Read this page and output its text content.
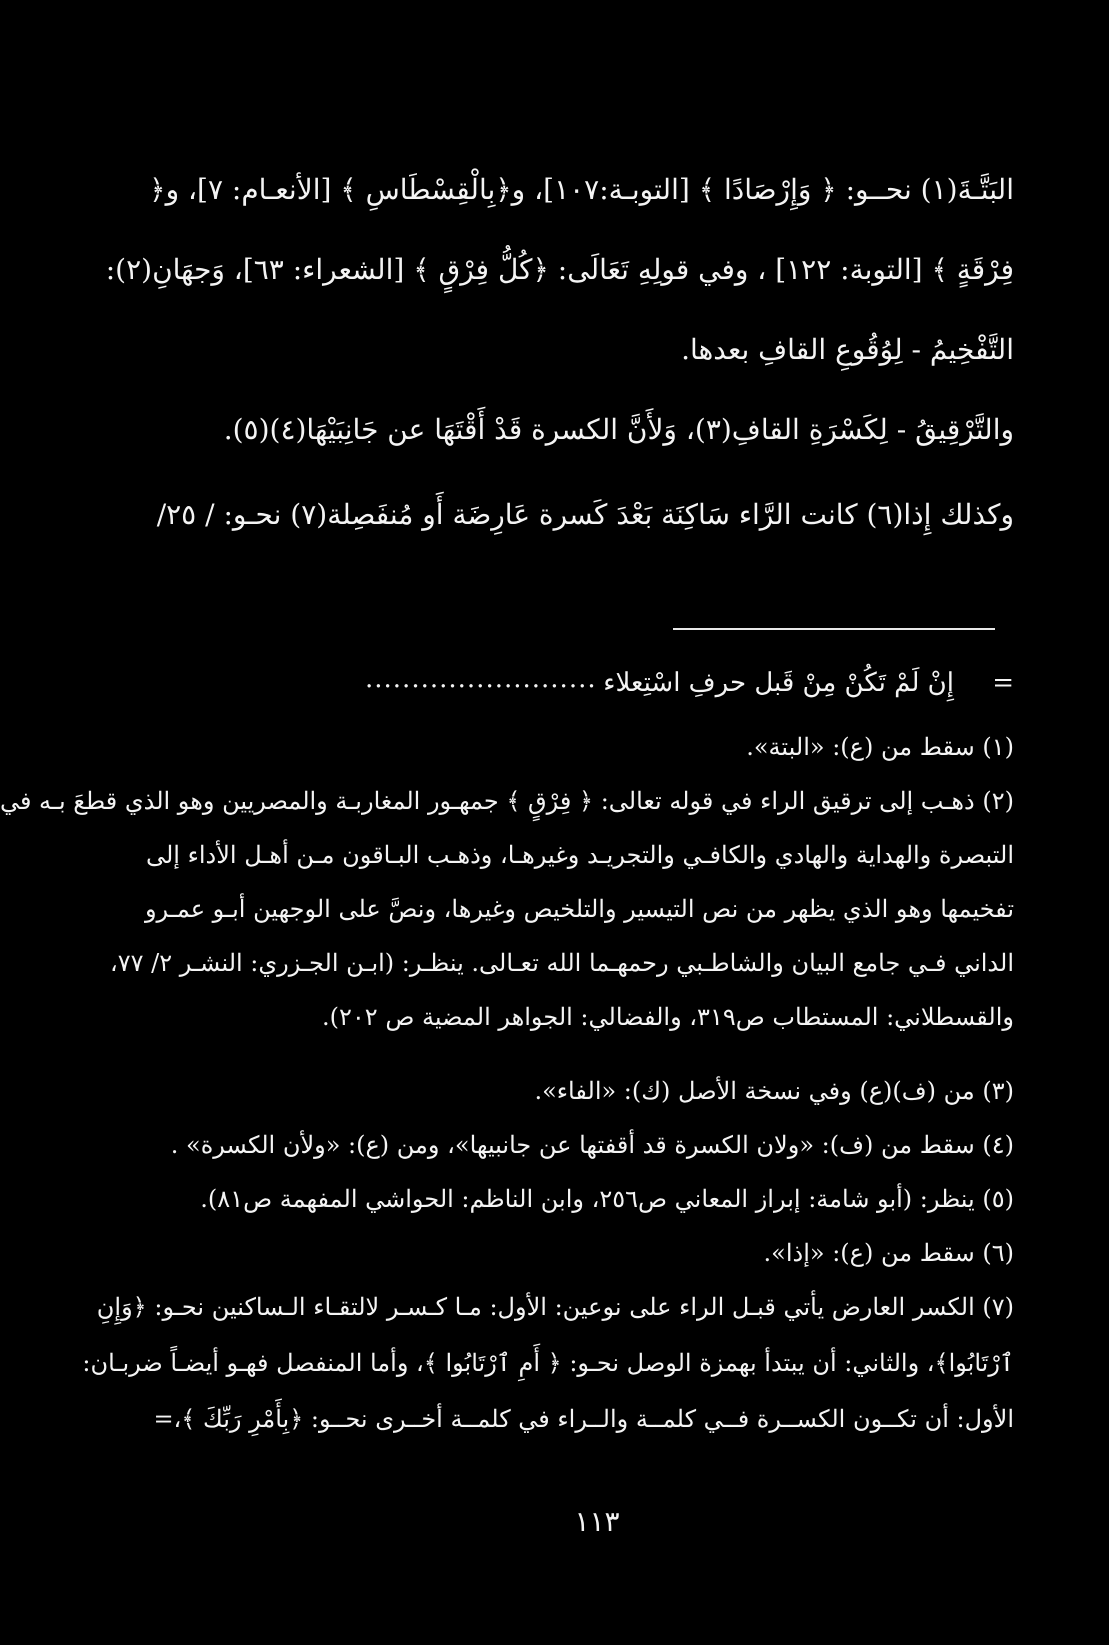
البَتَّـةَ(١) نحــو: ﴿ وَإِرْصَادًا ﴾ [التوبـة:١٠٧]، و﴿بِالْقِسْطَاسِ ﴾ [الأنعـام: ٧]، و﴿
فِرْقَةٍ ﴾ [التوبة: ١٢٢] ، وفي قولِهِ تَعَالَى: ﴿كُلُّ فِرْقٍ ﴾ [الشعراء: ٦٣]، وَجهَانِ(٢):
التَّفْخِيمُ - لِوُقُوعِ القافِ بعدها.
والتَّرْقِيقُ - لِكَسْرَةِ القافِ(٣)، وَلأَنَّ الكسرة قَدْ أَقْتَهَا عن جَانِبَيْهَا(٤)(٥).
وكذلك إِذا(٦) كانت الرَّاء سَاكِنَة بَعْدَ كَسرة عَارِضَة أَو مُنفَصِلة(٧) نحـو: / ٢٥/
=
إِنْ لَمْ تَكُنْ مِنْ قَبل حرفِ اسْتِعلاء
.........................
(١) سقط من (ع): «البتة».
(٢) ذهـب إلى ترقيق الراء في قوله تعالى: ﴿ فِرْقٍ ﴾ جمهـور المغاربـة والمصريين وهو الذي قطعَ بـه في
التبصرة والهداية والهادي والكافـي والتجريـد وغيرهـا، وذهـب البـاقون مـن أهـل الأداء إلى
تفخيمها وهو الذي يظهر من نص التيسير والتلخيص وغيرها، ونصَّ على الوجهين أبـو عمـرو
الداني فـي جامع البيان والشاطـبي رحمهـما الله تعـالى. ينظـر: (ابـن الجـزري: النشـر ٢/ ٧٧،
والقسطلاني: المستطاب ص٣١٩، والفضالي: الجواهر المضية ص ٢٠٢).
(٣) من (ف)(ع) وفي نسخة الأصل (ك): «الفاء».
(٤) سقط من (ف): «ولان الكسرة قد أقفتها عن جانبيها»، ومن (ع): «ولأن الكسرة» .
(٥) ينظر: (أبو شامة: إبراز المعاني ص٢٥٦، وابن الناظم: الحواشي المفهمة ص٨١).
(٦) سقط من (ع): «إذا».
(٧) الكسر العارض يأتي قبـل الراء على نوعين: الأول: مـا كـسـر لالتقـاء الـساكنين نحـو: ﴿وَإِنِ
ٱرْتَابُوا﴾، والثاني: أن يبتدأ بهمزة الوصل نحـو: ﴿ أَمِ ٱرْتَابُوا ﴾، وأما المنفصل فهـو أيضـاً ضربـان:
الأول: أن تكــون الكســرة فــي كلمــة والــراء في كلمــة أخــرى نحــو: ﴿بِأَمْرِ رَبِّكَ ﴾،=
١١٣
